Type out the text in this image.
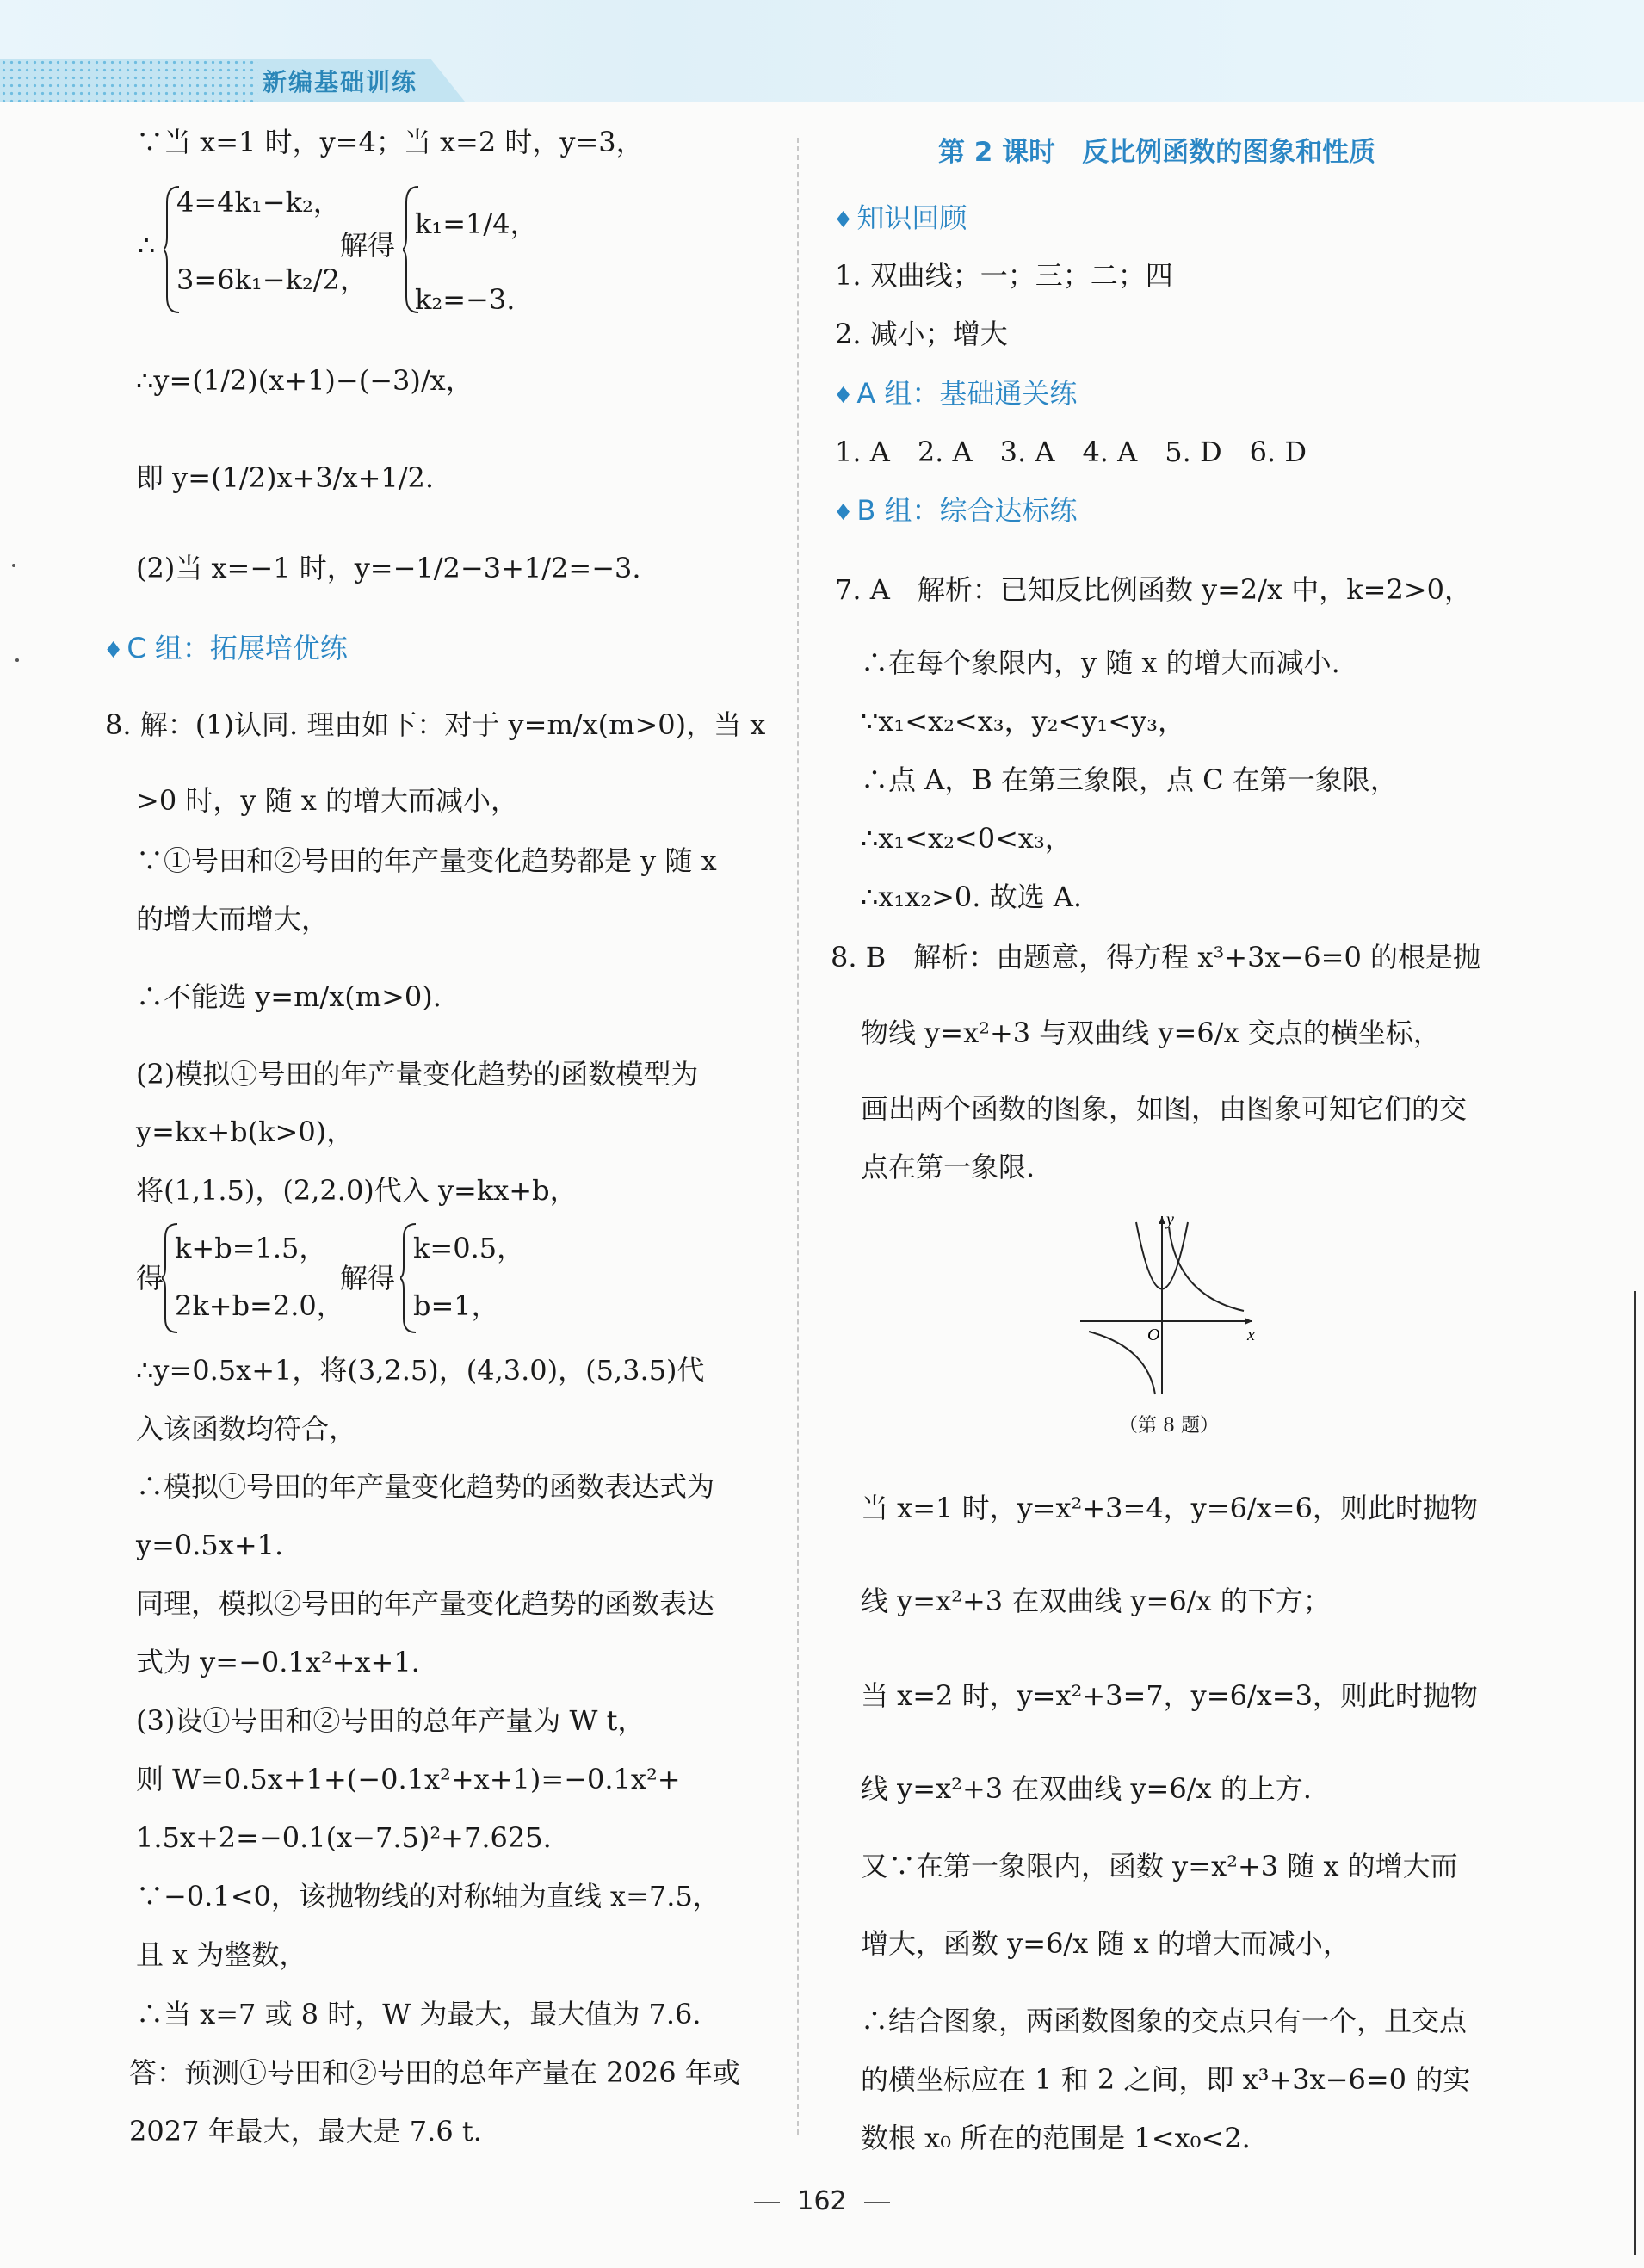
新编基础训练
∵当 x=1 时，y=4；当 x=2 时，y=3，
∴
4=4k₁−k₂，
3=6k₁−k₂/2，
解得
k₁=1/4，
k₂=−3.
∴y=(1/2)(x+1)−(−3)/x，
即 y=(1/2)x+3/x+1/2.
(2)当 x=−1 时，y=−1/2−3+1/2=−3.
♦ C 组：拓展培优练
8. 解：(1)认同. 理由如下：对于 y=m/x(m>0)，当 x
>0 时，y 随 x 的增大而减小，
∵①号田和②号田的年产量变化趋势都是 y 随 x
的增大而增大，
∴不能选 y=m/x(m>0).
(2)模拟①号田的年产量变化趋势的函数模型为
y=kx+b(k>0)，
将(1,1.5)，(2,2.0)代入 y=kx+b，
得
k+b=1.5，
2k+b=2.0，
解得
k=0.5，
b=1，
∴y=0.5x+1，将(3,2.5)，(4,3.0)，(5,3.5)代
入该函数均符合，
∴模拟①号田的年产量变化趋势的函数表达式为
y=0.5x+1.
同理，模拟②号田的年产量变化趋势的函数表达
式为 y=−0.1x²+x+1.
(3)设①号田和②号田的总年产量为 W t，
则 W=0.5x+1+(−0.1x²+x+1)=−0.1x²+
1.5x+2=−0.1(x−7.5)²+7.625.
∵−0.1<0，该抛物线的对称轴为直线 x=7.5，
且 x 为整数，
∴当 x=7 或 8 时，W 为最大，最大值为 7.6.
答：预测①号田和②号田的总年产量在 2026 年或
2027 年最大，最大是 7.6 t.
第 2 课时　反比例函数的图象和性质
♦ 知识回顾
1. 双曲线；一；三；二；四
2. 减小；增大
♦ A 组：基础通关练
1. A　2. A　3. A　4. A　5. D　6. D
♦ B 组：综合达标练
7. A　解析：已知反比例函数 y=2/x 中，k=2>0，
∴在每个象限内，y 随 x 的增大而减小.
∵x₁<x₂<x₃，y₂<y₁<y₃，
∴点 A，B 在第三象限，点 C 在第一象限，
∴x₁<x₂<0<x₃，
∴x₁x₂>0. 故选 A.
8. B　解析：由题意，得方程 x³+3x−6=0 的根是抛
物线 y=x²+3 与双曲线 y=6/x 交点的横坐标，
画出两个函数的图象，如图，由图象可知它们的交
点在第一象限.
y
x
O
（第 8 题）
当 x=1 时，y=x²+3=4，y=6/x=6，则此时抛物
线 y=x²+3 在双曲线 y=6/x 的下方；
当 x=2 时，y=x²+3=7，y=6/x=3，则此时抛物
线 y=x²+3 在双曲线 y=6/x 的上方.
又∵在第一象限内，函数 y=x²+3 随 x 的增大而
增大，函数 y=6/x 随 x 的增大而减小，
∴结合图象，两函数图象的交点只有一个，且交点
的横坐标应在 1 和 2 之间，即 x³+3x−6=0 的实
数根 x₀ 所在的范围是 1<x₀<2.
162
